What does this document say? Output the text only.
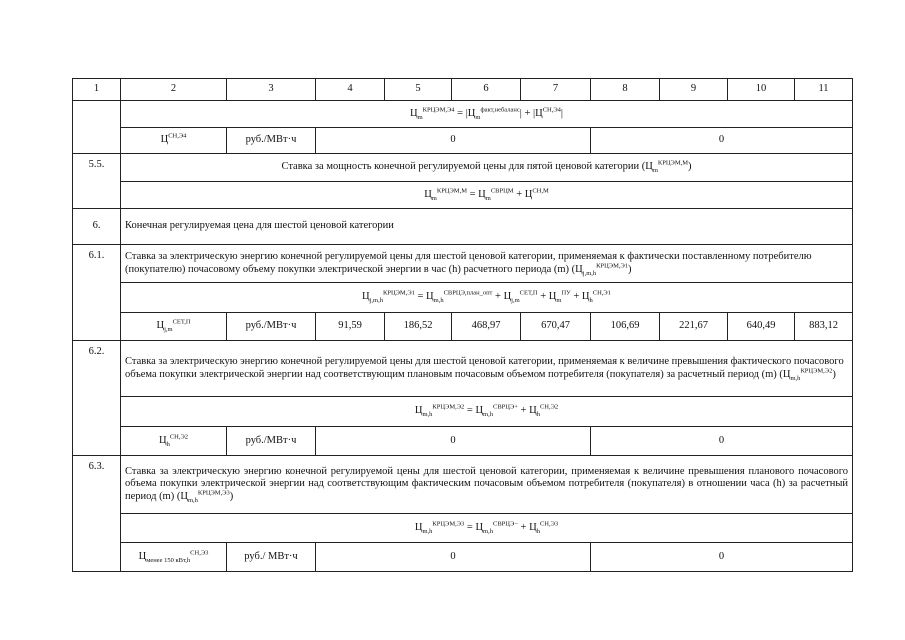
1	2	3	4	5	6	7	8	9	10	11
	$Ц_m^{КРЦЭМ,Э4} = |Ц_m^{факт,небаланс}| + |Ц^{СН,Э4}|$									
	$Ц^{СН,Э4}$	руб./МВт·ч	0				0			
5.5.	Ставка за мощность конечной регулируемой цены для пятой ценовой категории $(Ц_m^{КРЦЭМ,М})$									
	$Ц_m^{КРЦЭМ,М} = Ц_m^{СВРЦМ} + Ц^{СН,М}$
6.	Конечная регулируемая цена для шестой ценовой категории									
6.1.	Ставка за электрическую энергию конечной регулируемой цены для шестой ценовой категории, применяемая к фактически поставленному потребителю (покупателю) почасовому объему покупки электрической энергии в час (h) расчетного периода (m) $(Ц_{j,m,h}^{КРЦЭМ,Э1})$									
	$Ц_{j,m,h}^{КРЦЭМ,Э1} = Ц_{m,h}^{СВРЦЭ,план\_опт} + Ц_{j,m}^{СЕТ,П} + Ц_m^{ПУ} + Ц_h^{СН,Э1}$
	$Ц_{j,m}^{СЕТ,П}$	руб./МВт·ч	91,59	186,52	468,97	670,47	106,69	221,67	640,49	883,12
6.2.	Ставка за электрическую энергию конечной регулируемой цены для шестой ценовой категории, применяемая к величине превышения фактического почасового объема покупки электрической энергии над соответствующим плановым почасовым объемом потребителя (покупателя) за расчетный период (m) $(Ц_{m,h}^{КРЦЭМ,Э2})$									
	$Ц_{m,h}^{КРЦЭМ,Э2} = Ц_{m,h}^{СВРЦЭ+} + Ц_h^{СН,Э2}$
	$Ц_h^{СН,Э2}$	руб./МВт·ч	0				0			
6.3.	Ставка за электрическую энергию конечной регулируемой цены для шестой ценовой категории, применяемая к величине превышения планового почасового объема покупки электрической энергии над соответствующим фактическим почасовым объемом потребителя (покупателя) в отношении часа (h) за расчетный период (m) $(Ц_{m,h}^{КРЦЭМ,Э3})$									
	$Ц_{m,h}^{КРЦЭМ,Э3} = Ц_{m,h}^{СВРЦЭ-} + Ц_h^{СН,Э3}$
	$Ц_{менее 150 кВт,h}^{СН,Э3}$	руб./ МВт·ч	0				0			
